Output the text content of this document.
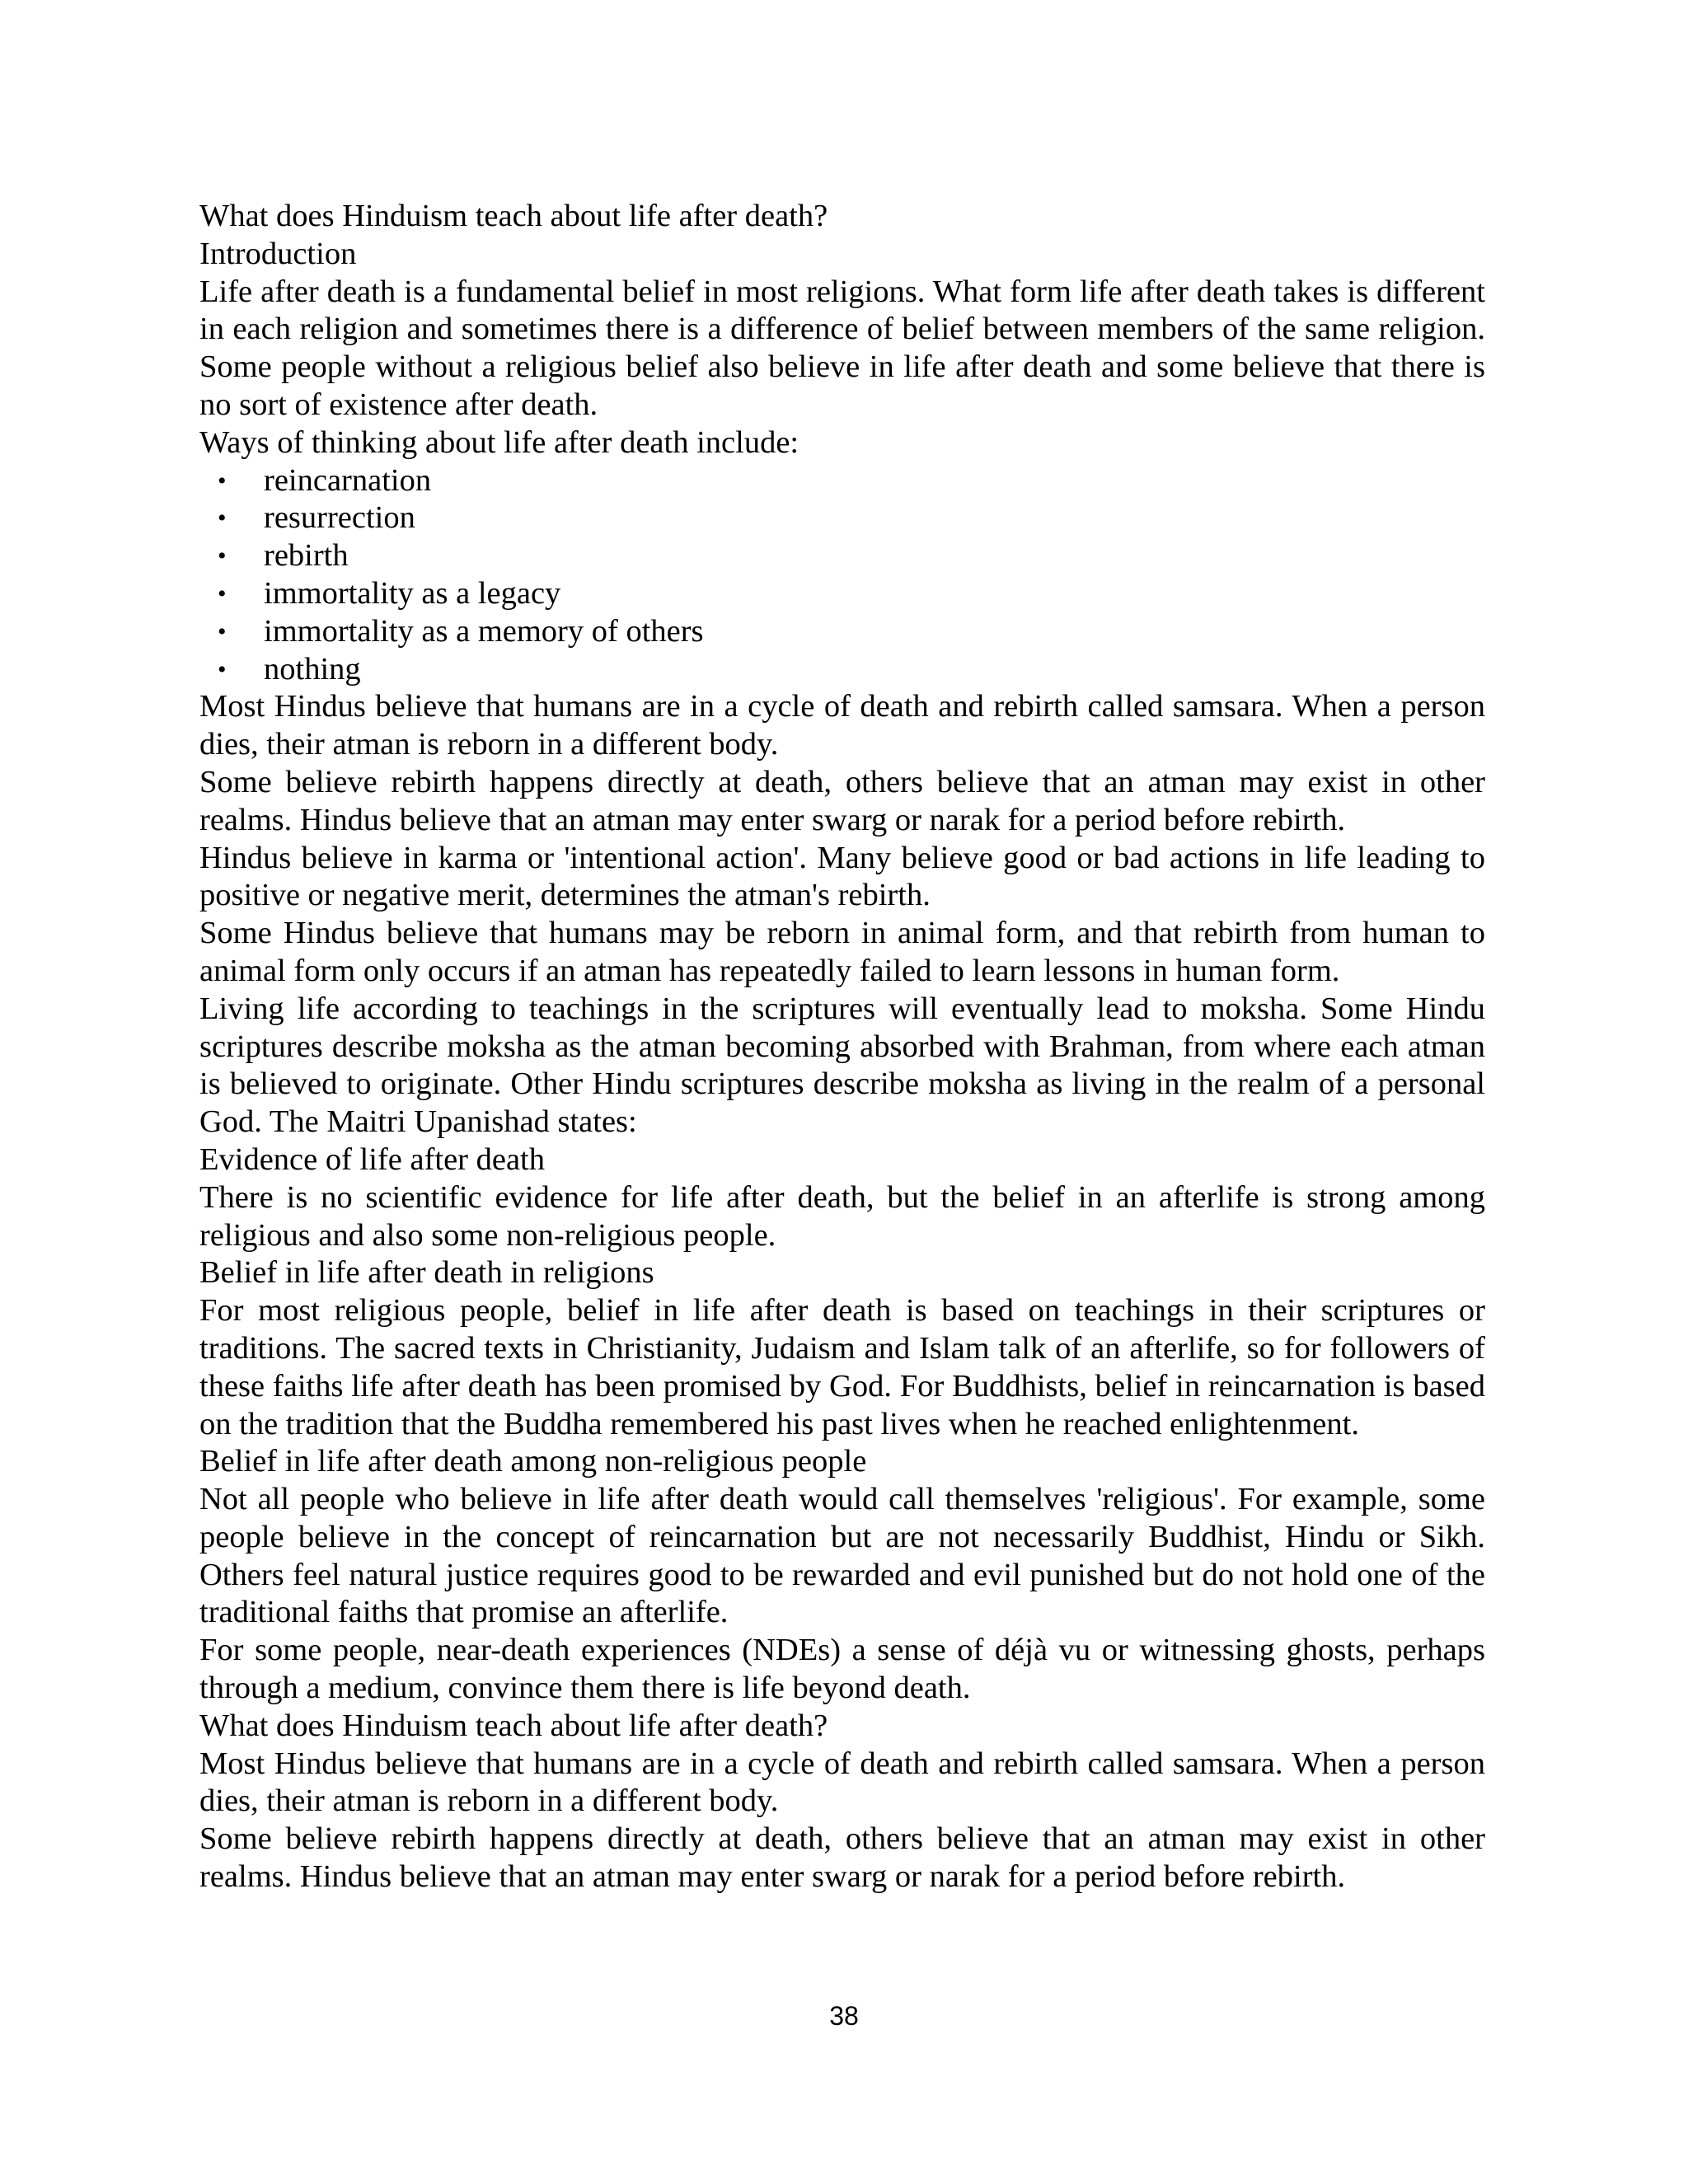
What does Hinduism teach about life after death?

Introduction

Life after death is a fundamental belief in most religions. What form life after death takes is different in each religion and sometimes there is a difference of belief between members of the same religion. Some people without a religious belief also believe in life after death and some believe that there is no sort of existence after death.

Ways of thinking about life after death include:

• reincarnation
• resurrection
• rebirth
• immortality as a legacy
• immortality as a memory of others
• nothing

Most Hindus believe that humans are in a cycle of death and rebirth called samsara. When a person dies, their atman is reborn in a different body.

Some believe rebirth happens directly at death, others believe that an atman may exist in other realms. Hindus believe that an atman may enter swarg or narak for a period before rebirth.

Hindus believe in karma or 'intentional action'. Many believe good or bad actions in life leading to positive or negative merit, determines the atman's rebirth.

Some Hindus believe that humans may be reborn in animal form, and that rebirth from human to animal form only occurs if an atman has repeatedly failed to learn lessons in human form.

Living life according to teachings in the scriptures will eventually lead to moksha. Some Hindu scriptures describe moksha as the atman becoming absorbed with Brahman, from where each atman is believed to originate. Other Hindu scriptures describe moksha as living in the realm of a personal God. The Maitri Upanishad states:

Evidence of life after death

There is no scientific evidence for life after death, but the belief in an afterlife is strong among religious and also some non-religious people.

Belief in life after death in religions

For most religious people, belief in life after death is based on teachings in their scriptures or traditions. The sacred texts in Christianity, Judaism and Islam talk of an afterlife, so for followers of these faiths life after death has been promised by God. For Buddhists, belief in reincarnation is based on the tradition that the Buddha remembered his past lives when he reached enlightenment.

Belief in life after death among non-religious people

Not all people who believe in life after death would call themselves 'religious'. For example, some people believe in the concept of reincarnation but are not necessarily Buddhist, Hindu or Sikh. Others feel natural justice requires good to be rewarded and evil punished but do not hold one of the traditional faiths that promise an afterlife.

For some people, near-death experiences (NDEs) a sense of déjà vu or witnessing ghosts, perhaps through a medium, convince them there is life beyond death.

What does Hinduism teach about life after death?

Most Hindus believe that humans are in a cycle of death and rebirth called samsara. When a person dies, their atman is reborn in a different body.

Some believe rebirth happens directly at death, others believe that an atman may exist in other realms. Hindus believe that an atman may enter swarg or narak for a period before rebirth.

38
